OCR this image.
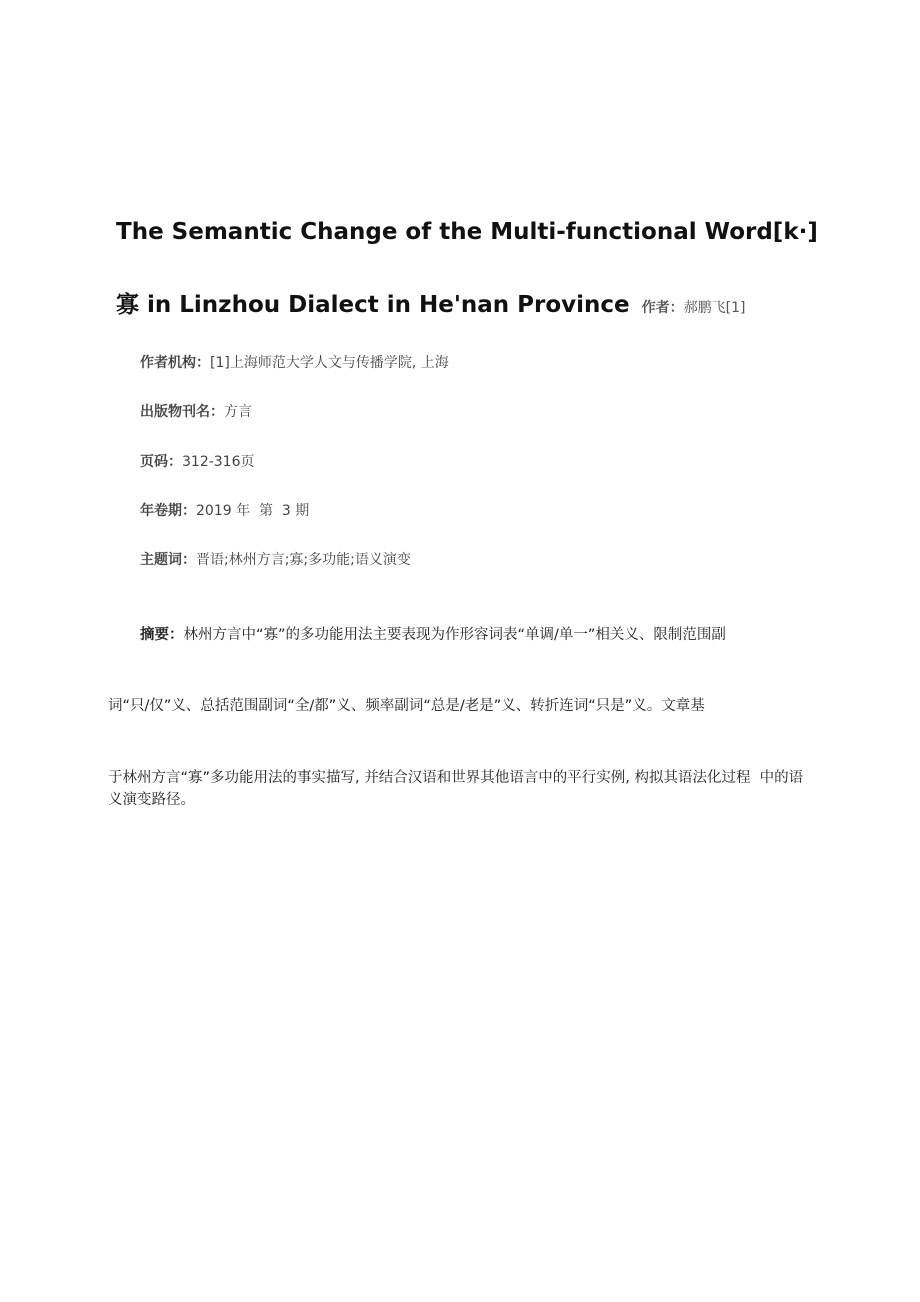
The Semantic Change of the Multi-functional Word[k·]
寡 in Linzhou Dialect in He'nan Province 作者：郝鹏飞[1]
作者机构：[1]上海师范大学人文与传播学院, 上海
出版物刊名：方言
页码：312-316页
年卷期：2019 年  第  3 期
主题词：晋语;林州方言;寡;多功能;语义演变
摘要：林州方言中“寡”的多功能用法主要表现为作形容词表“单调/单一”相关义、限制范围副
词“只/仅”义、总括范围副词“全/都”义、频率副词“总是/老是”义、转折连词“只是”义。文章基
于林州方言“寡”多功能用法的事实描写, 并结合汉语和世界其他语言中的平行实例, 构拟其语法化过程  中的语义演变路径。
